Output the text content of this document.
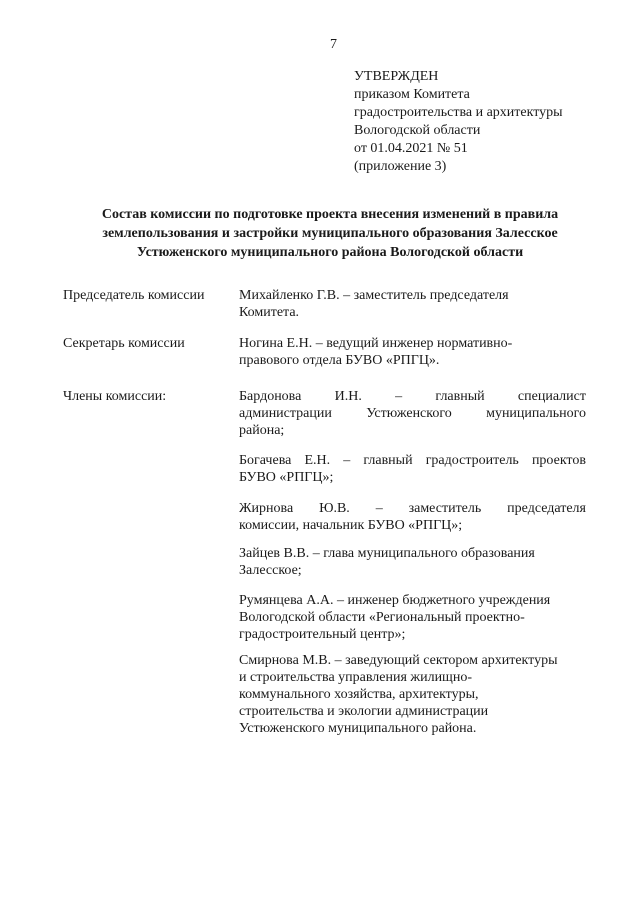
7
УТВЕРЖДЕН
приказом Комитета
градостроительства и архитектуры
Вологодской области
от 01.04.2021 № 51
(приложение 3)
Состав комиссии по подготовке проекта внесения изменений в правила
землепользования и застройки муниципального образования Залесское
Устюженского муниципального района Вологодской области
Председатель комиссии Михайленко Г.В. – заместитель председателя
Комитета.
Секретарь комиссии	Ногина Е.Н. – ведущий инженер нормативно-
правового отдела БУВО «РПГЦ».
Члены комиссии:	Бардонова И.Н. – главный специалист
администрации Устюженского муниципального
района;
Богачева Е.Н. – главный градостроитель проектов
БУВО «РПГЦ»;
Жирнова Ю.В. – заместитель председателя
комиссии, начальник БУВО «РПГЦ»;
Зайцев В.В. – глава муниципального образования
Залесское;
Румянцева А.А. – инженер бюджетного учреждения
Вологодской области «Региональный проектно-
градостроительный центр»;
Смирнова М.В. – заведующий сектором архитектуры
и строительства управления жилищно-
коммунального хозяйства, архитектуры,
строительства и экологии администрации
Устюженского муниципального района.
